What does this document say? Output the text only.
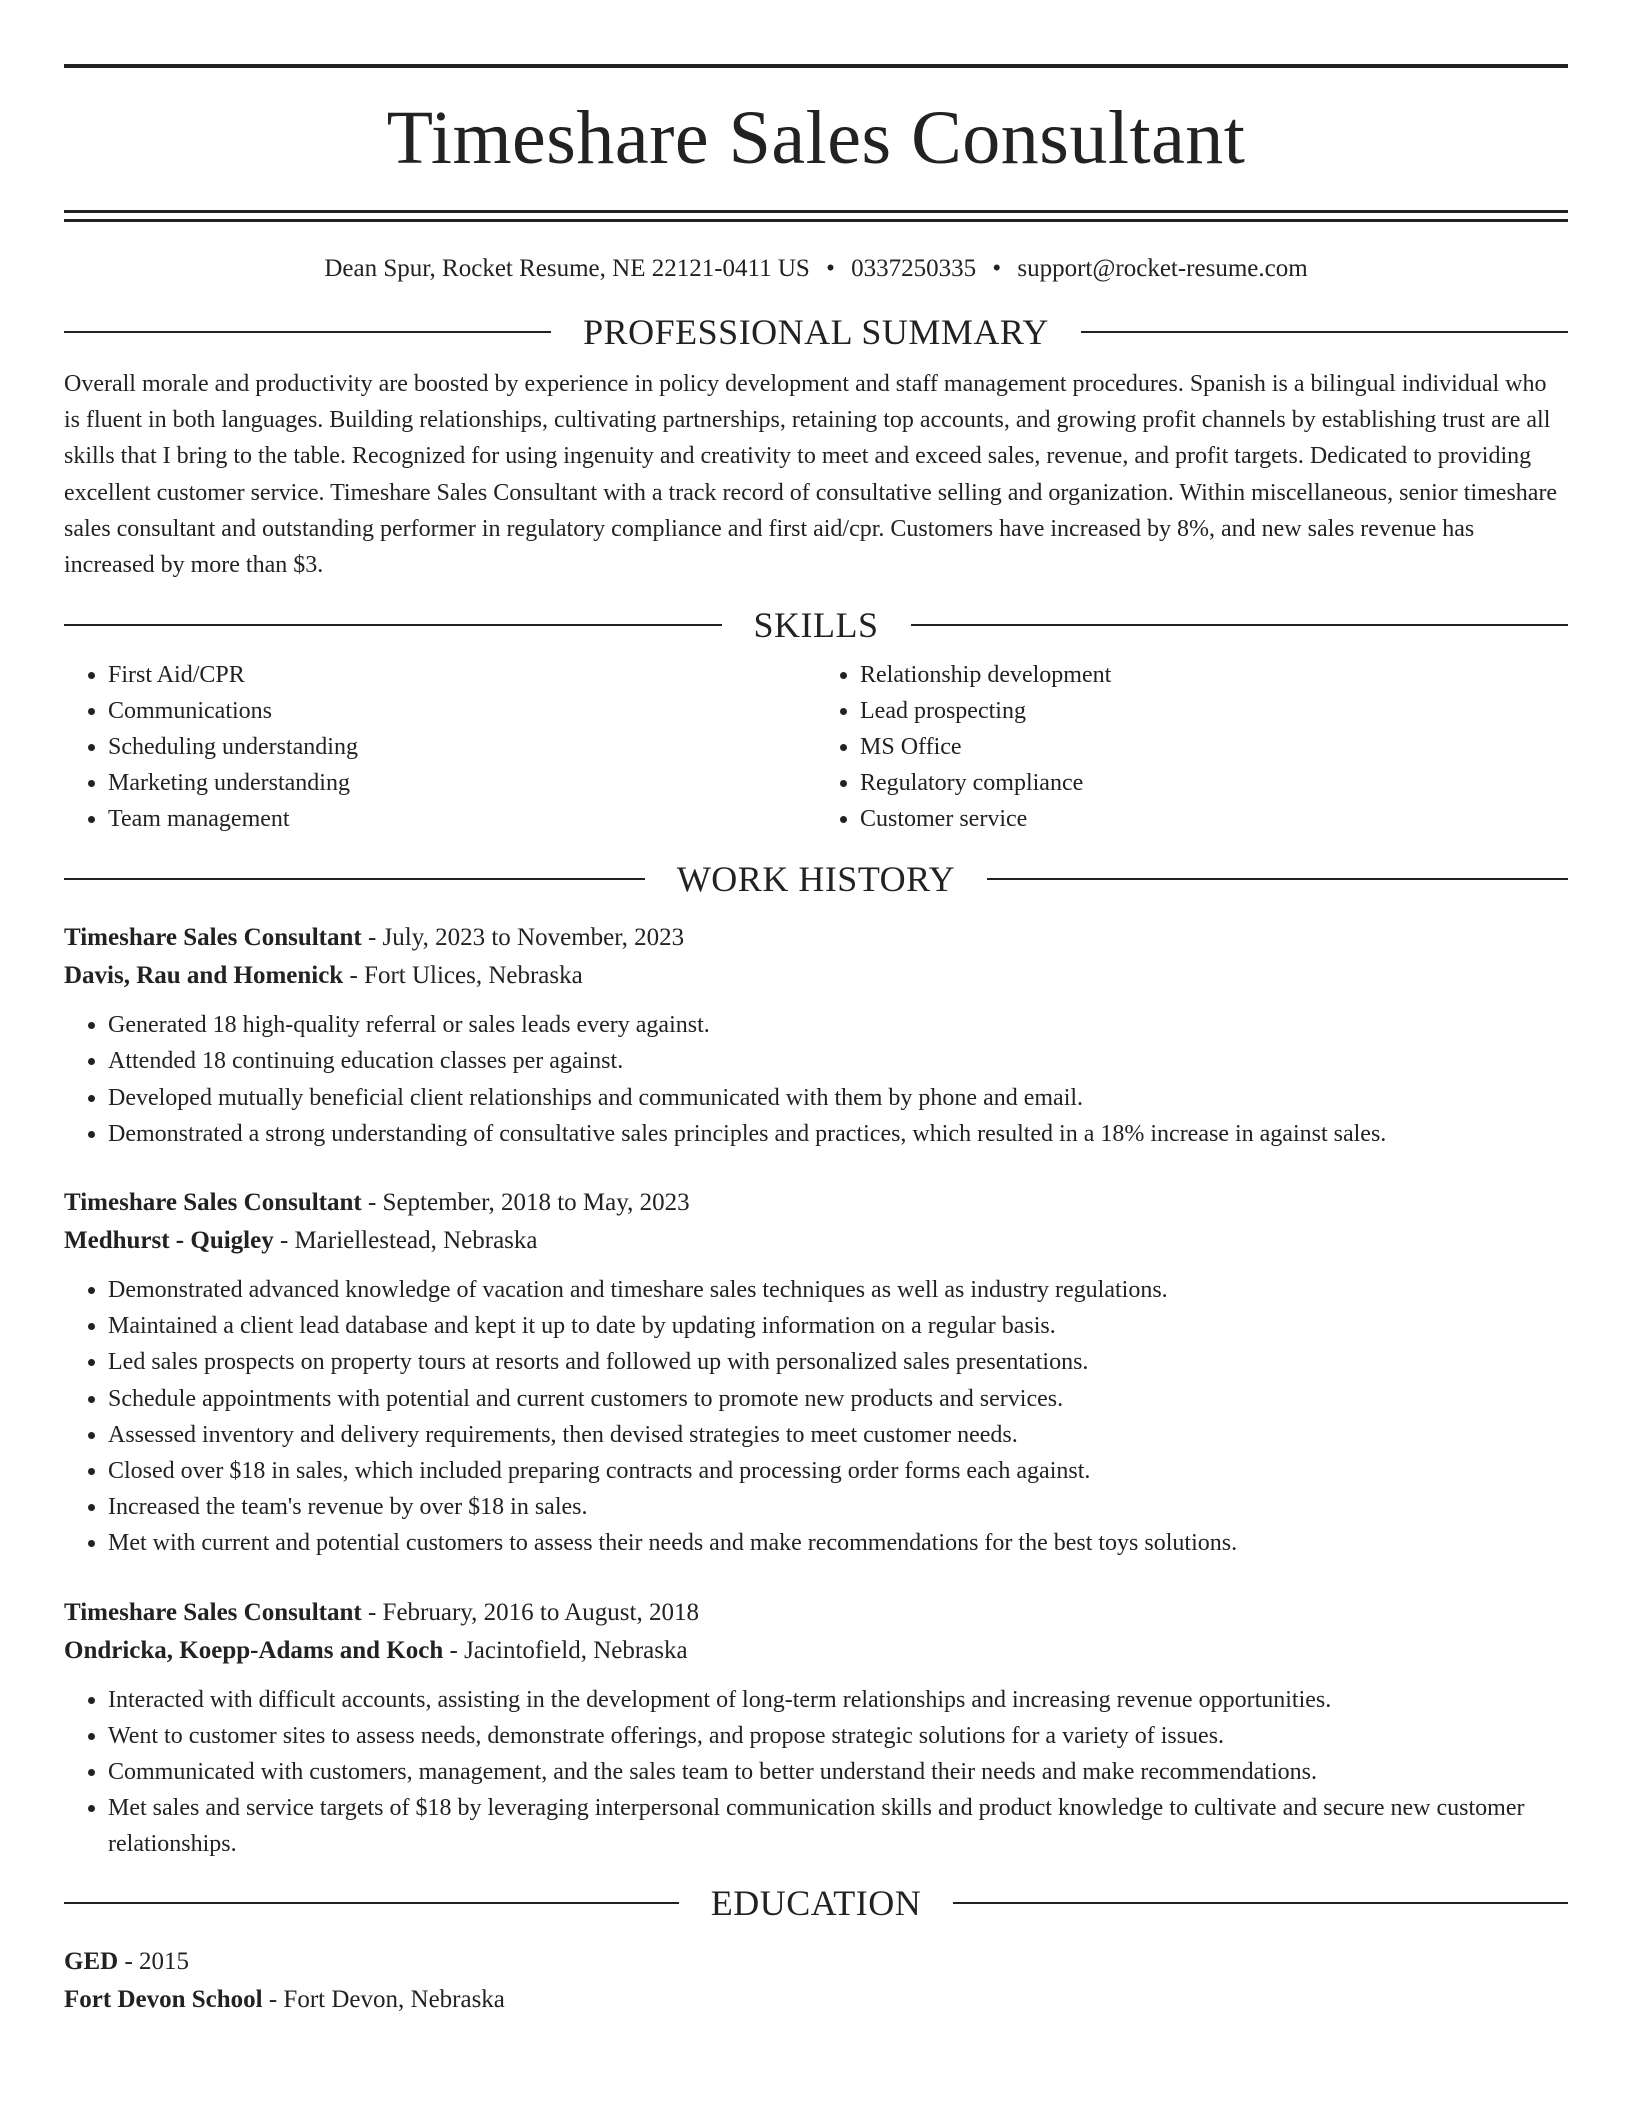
Timeshare Sales Consultant
Dean Spur, Rocket Resume, NE 22121-0411 US • 0337250335 • support@rocket-resume.com
PROFESSIONAL SUMMARY

Overall morale and productivity are boosted by experience in policy development and staff management procedures. Spanish is a bilingual individual who is fluent in both languages. Building relationships, cultivating partnerships, retaining top accounts, and growing profit channels by establishing trust are all skills that I bring to the table. Recognized for using ingenuity and creativity to meet and exceed sales, revenue, and profit targets. Dedicated to providing excellent customer service. Timeshare Sales Consultant with a track record of consultative selling and organization. Within miscellaneous, senior timeshare sales consultant and outstanding performer in regulatory compliance and first aid/cpr. Customers have increased by 8%, and new sales revenue has increased by more than $3.

SKILLS
• First Aid/CPR
• Communications
• Scheduling understanding
• Marketing understanding
• Team management
• Relationship development
• Lead prospecting
• MS Office
• Regulatory compliance
• Customer service
WORK HISTORY
Timeshare Sales Consultant - July, 2023 to November, 2023
Davis, Rau and Homenick - Fort Ulices, Nebraska
• Generated 18 high-quality referral or sales leads every against.
• Attended 18 continuing education classes per against.
• Developed mutually beneficial client relationships and communicated with them by phone and email.
• Demonstrated a strong understanding of consultative sales principles and practices, which resulted in a 18% increase in against sales.
Timeshare Sales Consultant - September, 2018 to May, 2023
Medhurst - Quigley - Mariellestead, Nebraska
• Demonstrated advanced knowledge of vacation and timeshare sales techniques as well as industry regulations.
• Maintained a client lead database and kept it up to date by updating information on a regular basis.
• Led sales prospects on property tours at resorts and followed up with personalized sales presentations.
• Schedule appointments with potential and current customers to promote new products and services.
• Assessed inventory and delivery requirements, then devised strategies to meet customer needs.
• Closed over $18 in sales, which included preparing contracts and processing order forms each against.
• Increased the team's revenue by over $18 in sales.
• Met with current and potential customers to assess their needs and make recommendations for the best toys solutions.
Timeshare Sales Consultant - February, 2016 to August, 2018
Ondricka, Koepp-Adams and Koch - Jacintofield, Nebraska
• Interacted with difficult accounts, assisting in the development of long-term relationships and increasing revenue opportunities.
• Went to customer sites to assess needs, demonstrate offerings, and propose strategic solutions for a variety of issues.
• Communicated with customers, management, and the sales team to better understand their needs and make recommendations.
• Met sales and service targets of $18 by leveraging interpersonal communication skills and product knowledge to cultivate and secure new customer relationships.
EDUCATION
GED - 2015
Fort Devon School - Fort Devon, Nebraska
